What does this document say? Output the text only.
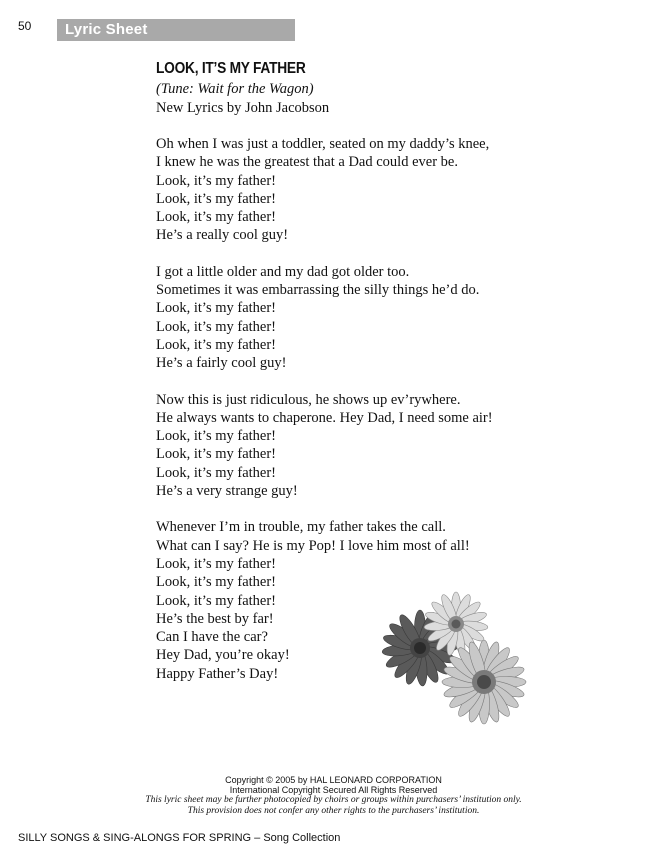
50 Lyric Sheet
LOOK, IT’S MY FATHER
(Tune: Wait for the Wagon)
New Lyrics by John Jacobson
Oh when I was just a toddler, seated on my daddy’s knee,
I knew he was the greatest that a Dad could ever be.
Look, it’s my father!
Look, it’s my father!
Look, it’s my father!
He’s a really cool guy!
I got a little older and my dad got older too.
Sometimes it was embarrassing the silly things he’d do.
Look, it’s my father!
Look, it’s my father!
Look, it’s my father!
He’s a fairly cool guy!
Now this is just ridiculous, he shows up ev’rywhere.
He always wants to chaperone. Hey Dad, I need some air!
Look, it’s my father!
Look, it’s my father!
Look, it’s my father!
He’s a very strange guy!
Whenever I’m in trouble, my father takes the call.
What can I say? He is my Pop! I love him most of all!
Look, it’s my father!
Look, it’s my father!
Look, it’s my father!
He’s the best by far!
Can I have the car?
Hey Dad, you’re okay!
Happy Father’s Day!
Copyright © 2005 by HAL LEONARD CORPORATION
International Copyright Secured All Rights Reserved
This lyric sheet may be further photocopied by choirs or groups within purchasers’ institution only.
This provision does not confer any other rights to the purchasers’ institution.
SILLY SONGS & SING-ALONGS FOR SPRING – Song Collection
